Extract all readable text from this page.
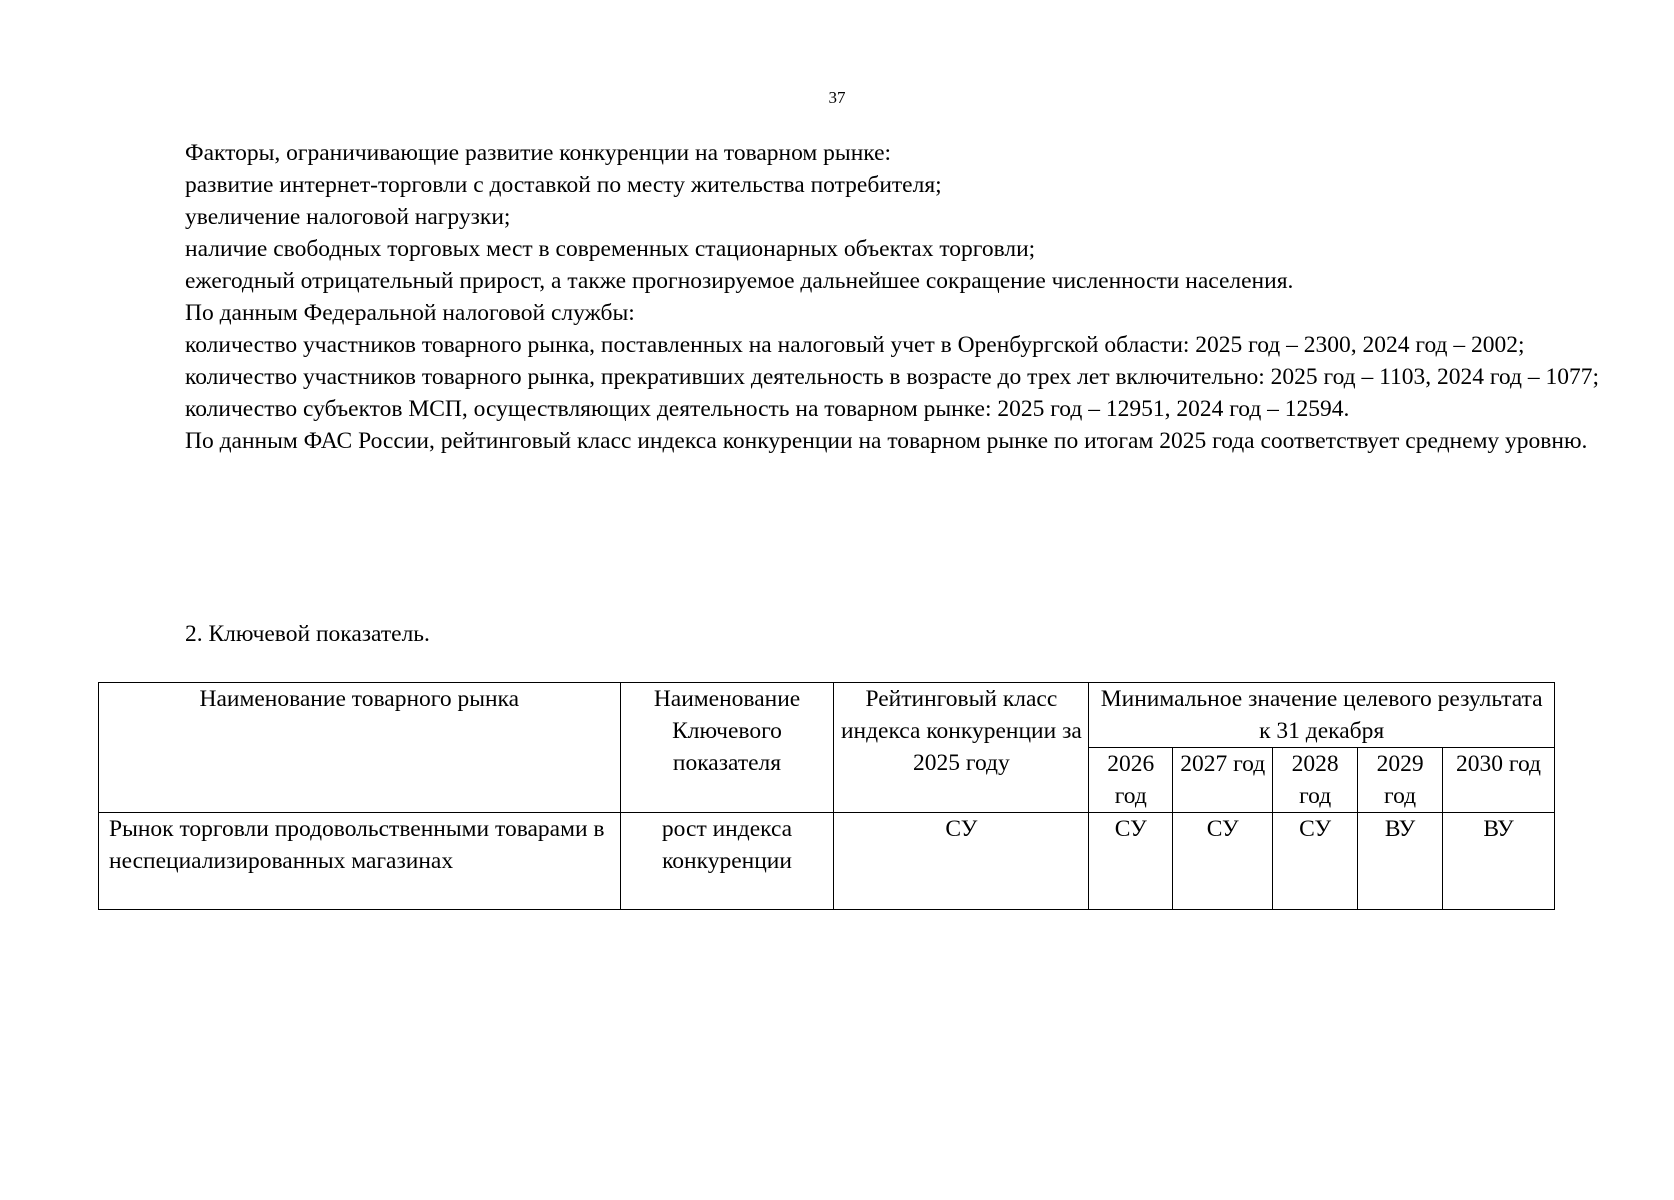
37

Факторы, ограничивающие развитие конкуренции на товарном рынке:

развитие интернет-торговли с доставкой по месту жительства потребителя;

увеличение налоговой нагрузки;

наличие свободных торговых мест в современных стационарных объектах торговли;

ежегодный отрицательный прирост, а также прогнозируемое дальнейшее сокращение численности населения.

По данным Федеральной налоговой службы:

количество участников товарного рынка, поставленных на налоговый учет в Оренбургской области: 2025 год – 2300, 2024 год – 2002;

количество участников товарного рынка, прекративших деятельность в возрасте до трех лет включительно: 2025 год – 1103, 2024 год – 1077;

количество субъектов МСП, осуществляющих деятельность на товарном рынке: 2025 год – 12951, 2024 год – 12594.

По данным ФАС России, рейтинговый класс индекса конкуренции на товарном рынке по итогам 2025 года соответствует среднему уровню.

2. Ключевой показатель.
Наименование товарного рынка	Наименование Ключевого показателя	Рейтинговый класс индекса конкуренции за 2025 году	Минимальное значение целевого результата к 31 декабря				
			2026 год	2027 год	2028 год	2029 год	2030 год
Рынок торговли продовольственными товарами в неспециализированных магазинах	рост индекса конкуренции	СУ	СУ	СУ	СУ	ВУ	ВУ
